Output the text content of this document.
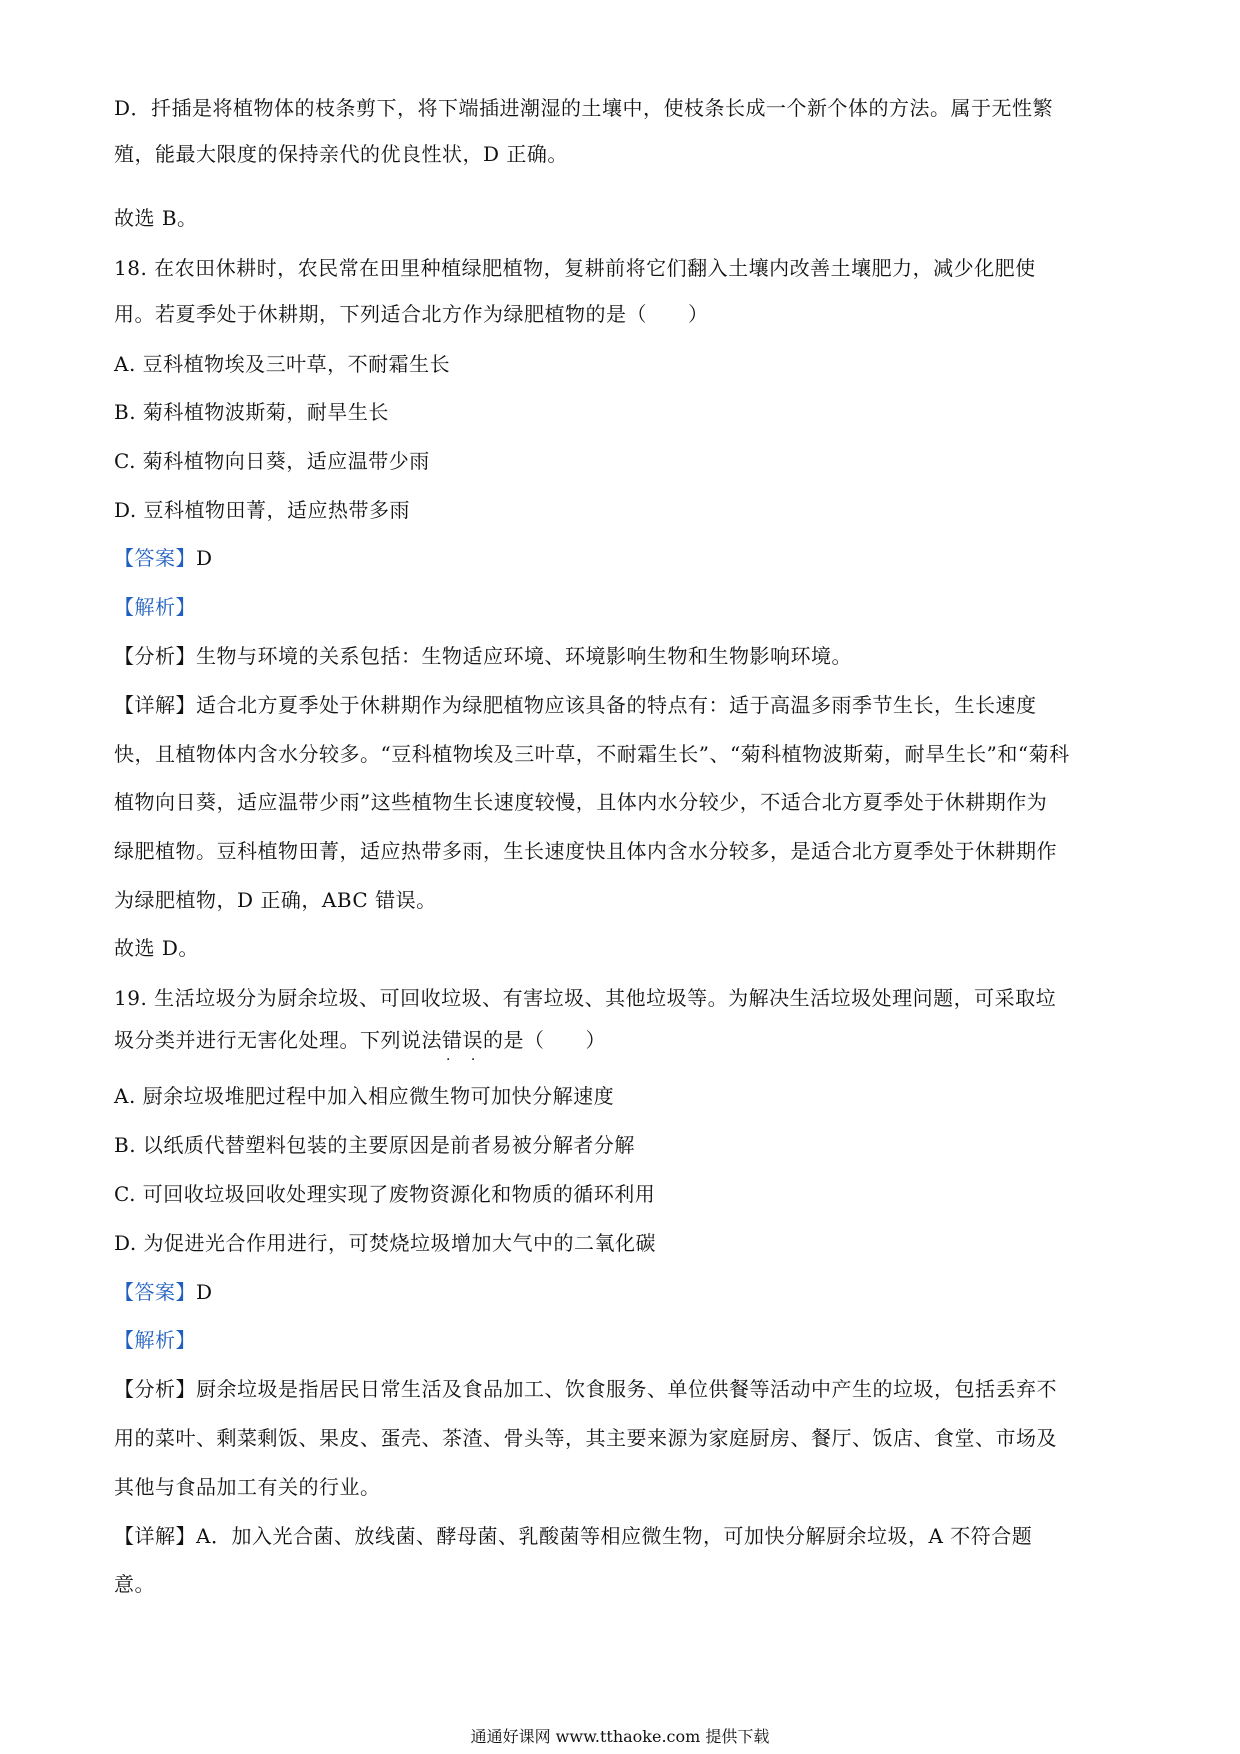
D．扦插是将植物体的枝条剪下，将下端插进潮湿的土壤中，使枝条长成一个新个体的方法。属于无性繁
殖，能最大限度的保持亲代的优良性状，D 正确。
故选 B。
18. 在农田休耕时，农民常在田里种植绿肥植物，复耕前将它们翻入土壤内改善土壤肥力，减少化肥使
用。若夏季处于休耕期，下列适合北方作为绿肥植物的是（　　）
A. 豆科植物埃及三叶草，不耐霜生长
B. 菊科植物波斯菊，耐旱生长
C. 菊科植物向日葵，适应温带少雨
D. 豆科植物田菁，适应热带多雨
【答案】D
【解析】
【分析】生物与环境的关系包括：生物适应环境、环境影响生物和生物影响环境。
【详解】适合北方夏季处于休耕期作为绿肥植物应该具备的特点有：适于高温多雨季节生长，生长速度
快，且植物体内含水分较多。“豆科植物埃及三叶草，不耐霜生长”、“菊科植物波斯菊，耐旱生长”和“菊科
植物向日葵，适应温带少雨”这些植物生长速度较慢，且体内水分较少，不适合北方夏季处于休耕期作为
绿肥植物。豆科植物田菁，适应热带多雨，生长速度快且体内含水分较多，是适合北方夏季处于休耕期作
为绿肥植物，D 正确，ABC 错误。
故选 D。
19. 生活垃圾分为厨余垃圾、可回收垃圾、有害垃圾、其他垃圾等。为解决生活垃圾处理问题，可采取垃
圾分类并进行无害化处理。下列说法错误 · ·的是（　　）
A. 厨余垃圾堆肥过程中加入相应微生物可加快分解速度
B. 以纸质代替塑料包装的主要原因是前者易被分解者分解
C. 可回收垃圾回收处理实现了废物资源化和物质的循环利用
D. 为促进光合作用进行，可焚烧垃圾增加大气中的二氧化碳
【答案】D
【解析】
【分析】厨余垃圾是指居民日常生活及食品加工、饮食服务、单位供餐等活动中产生的垃圾，包括丢弃不
用的菜叶、剩菜剩饭、果皮、蛋壳、茶渣、骨头等，其主要来源为家庭厨房、餐厅、饭店、食堂、市场及
其他与食品加工有关的行业。
【详解】A．加入光合菌、放线菌、酵母菌、乳酸菌等相应微生物，可加快分解厨余垃圾，A 不符合题
意。
通通好课网 www.tthaoke.com 提供下载
